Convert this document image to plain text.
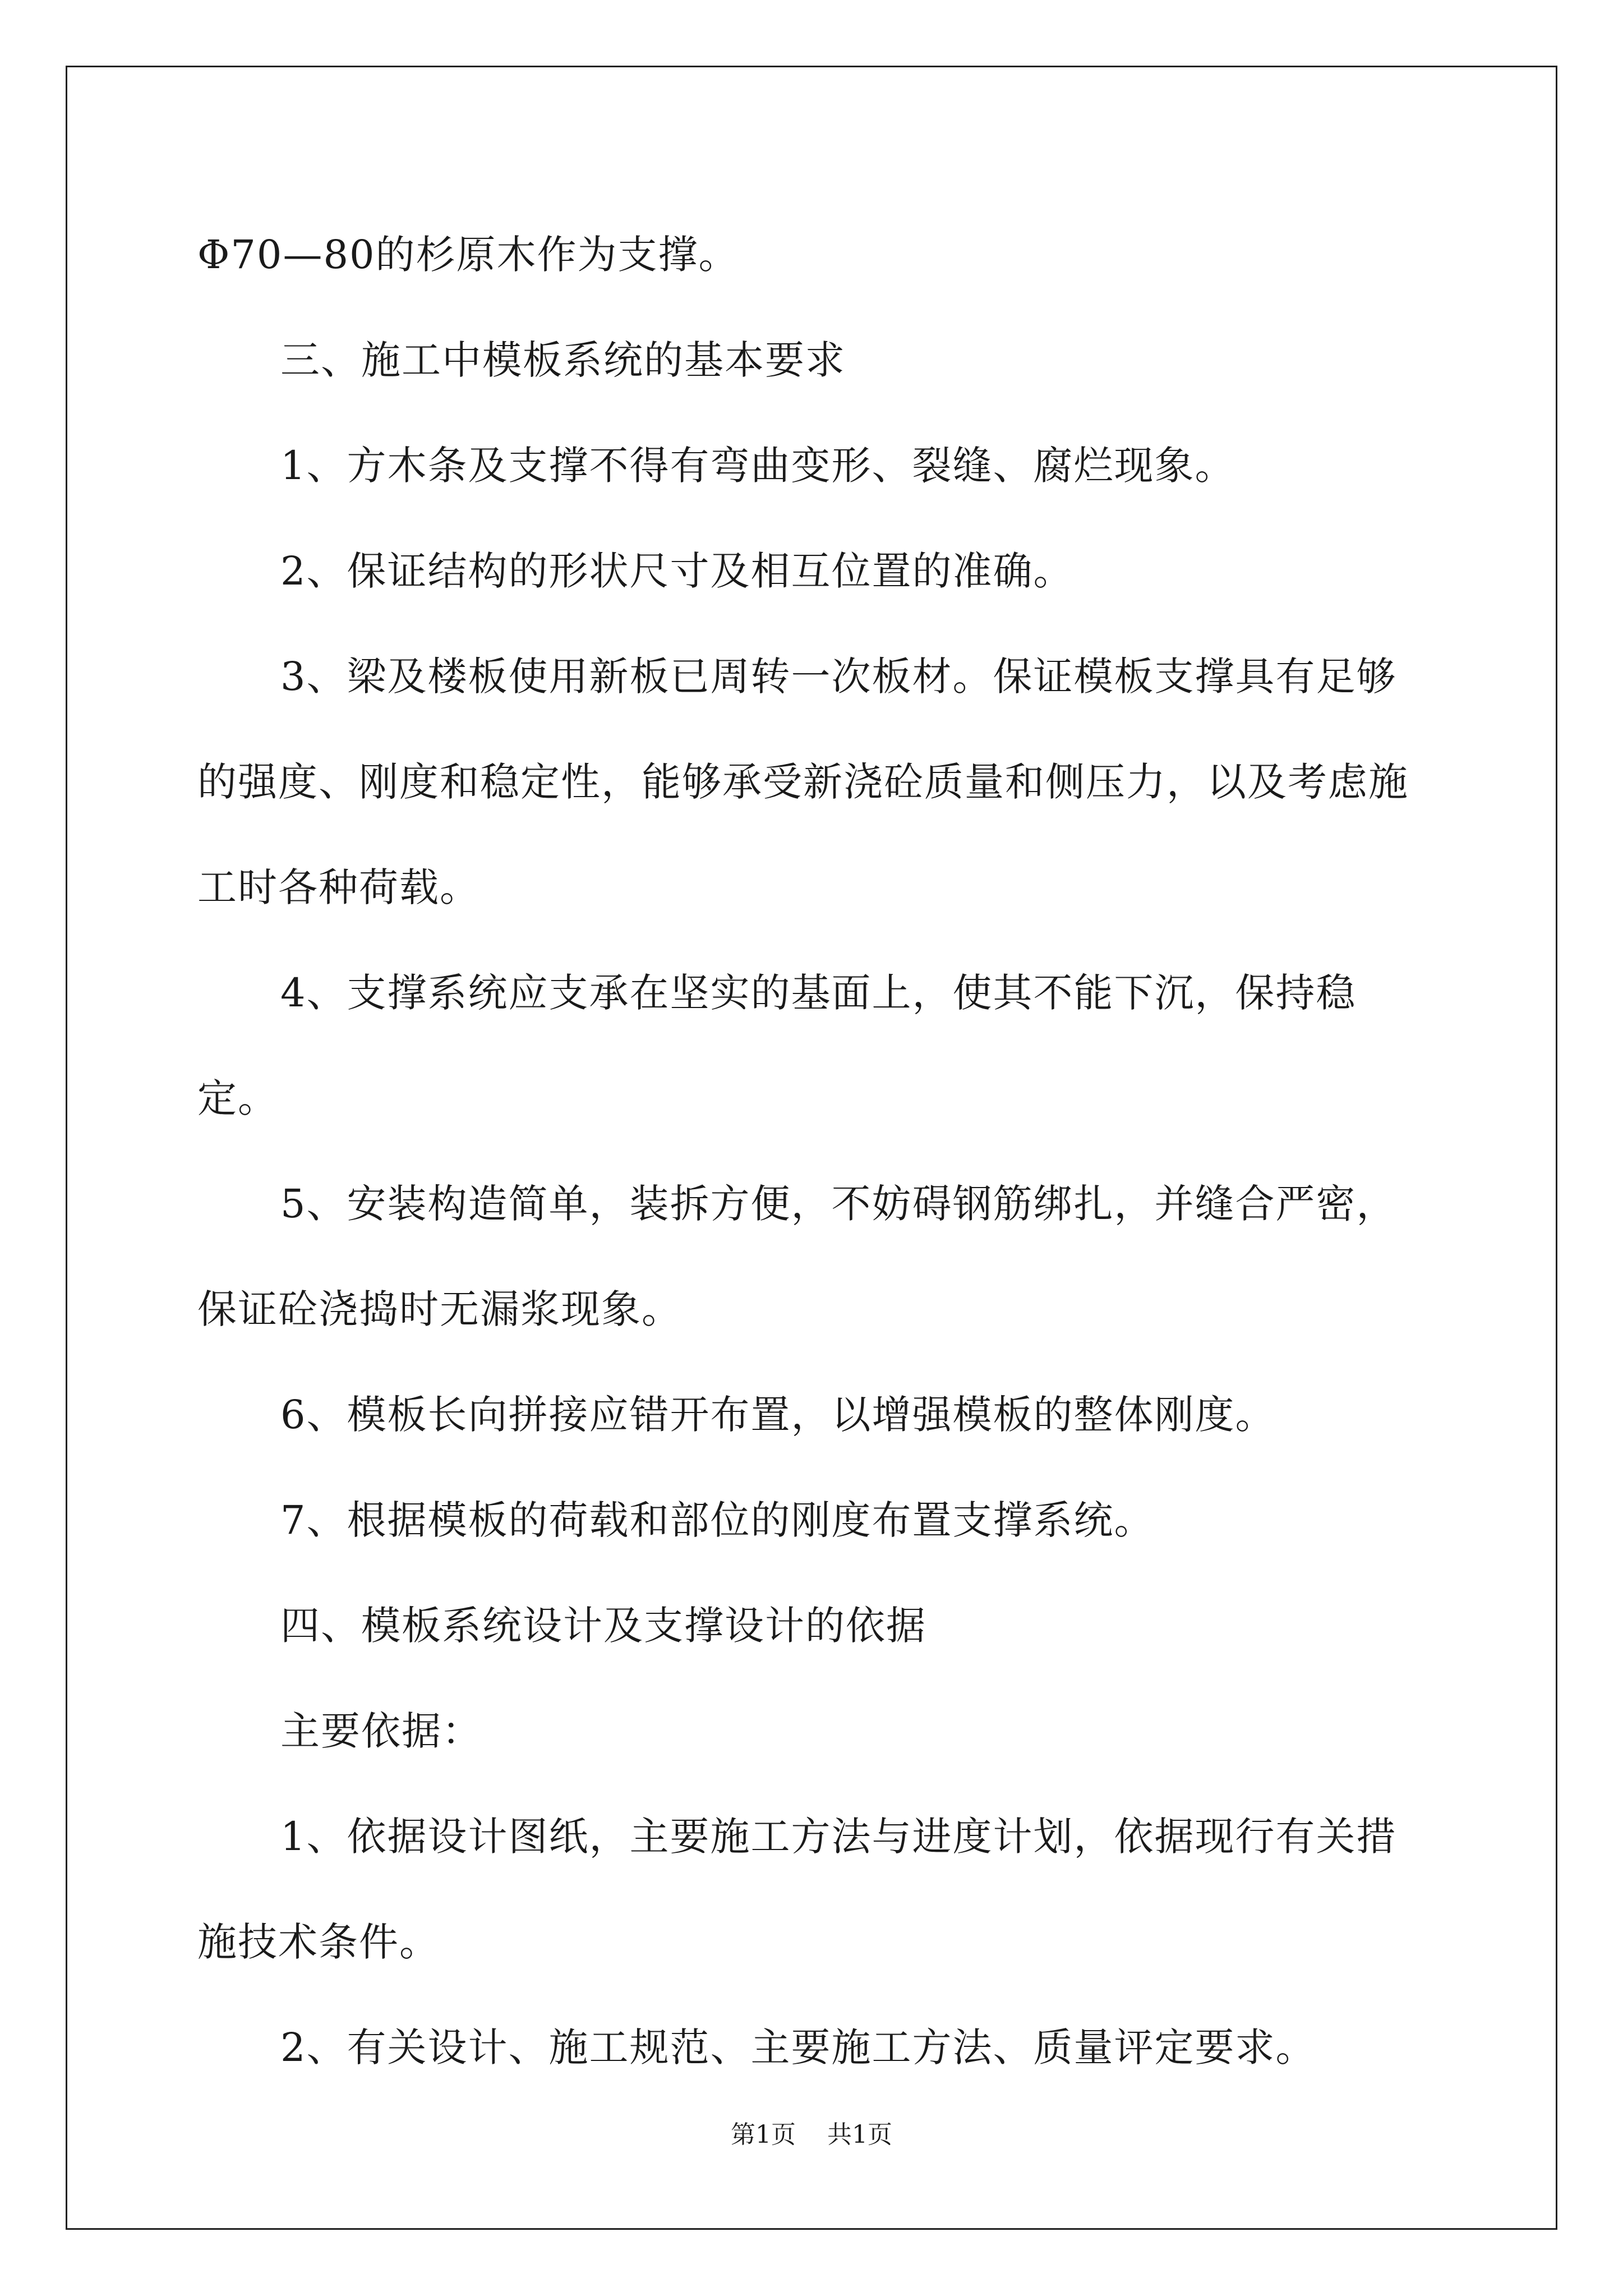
Φ70—80的杉原木作为支撑。

三、施工中模板系统的基本要求

1、方木条及支撑不得有弯曲变形、裂缝、腐烂现象。

2、保证结构的形状尺寸及相互位置的准确。

3、梁及楼板使用新板已周转一次板材。保证模板支撑具有足够的强度、刚度和稳定性，能够承受新浇砼质量和侧压力，以及考虑施工时各种荷载。

4、支撑系统应支承在坚实的基面上，使其不能下沉，保持稳定。

5、安装构造简单，装拆方便，不妨碍钢筋绑扎，并缝合严密，保证砼浇捣时无漏浆现象。

6、模板长向拼接应错开布置，以增强模板的整体刚度。

7、根据模板的荷载和部位的刚度布置支撑系统。

四、模板系统设计及支撑设计的依据

主要依据：

1、依据设计图纸，主要施工方法与进度计划，依据现行有关措施技术条件。

2、有关设计、施工规范、主要施工方法、质量评定要求。

第1页 共1页
